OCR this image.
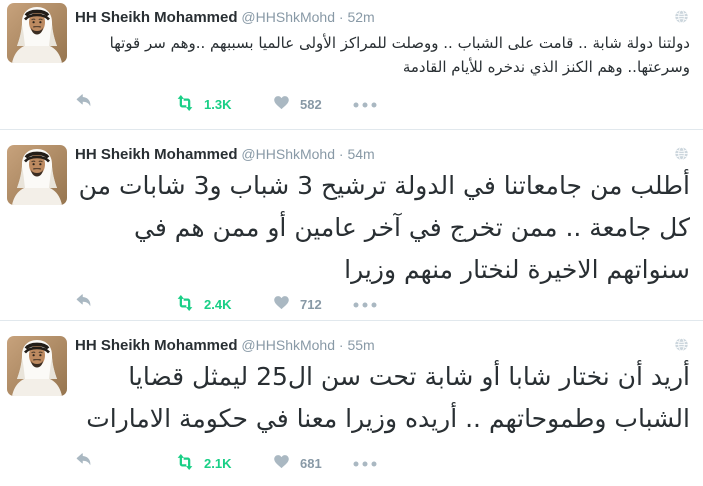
HH Sheikh Mohammed @HHShkMohd · 52m
دولتنا دولة شابة .. قامت على الشباب .. ووصلت للمراكز الأولى عالميا بسببهم ..وهم سر قوتها وسرعتها.. وهم الكنز الذي ندخره للأيام القادمة
1.3K	582
HH Sheikh Mohammed @HHShkMohd · 54m
أطلب من جامعاتنا في الدولة ترشيح 3 شباب و3 شابات من كل جامعة .. ممن تخرج في آخر عامين أو ممن هم في سنواتهم الاخيرة لنختار منهم وزيرا
2.4K	712
HH Sheikh Mohammed @HHShkMohd · 55m
أريد أن نختار شابا أو شابة تحت سن ال25 ليمثل قضايا الشباب وطموحاتهم .. أريده وزيرا معنا في حكومة الامارات
2.1K	681
